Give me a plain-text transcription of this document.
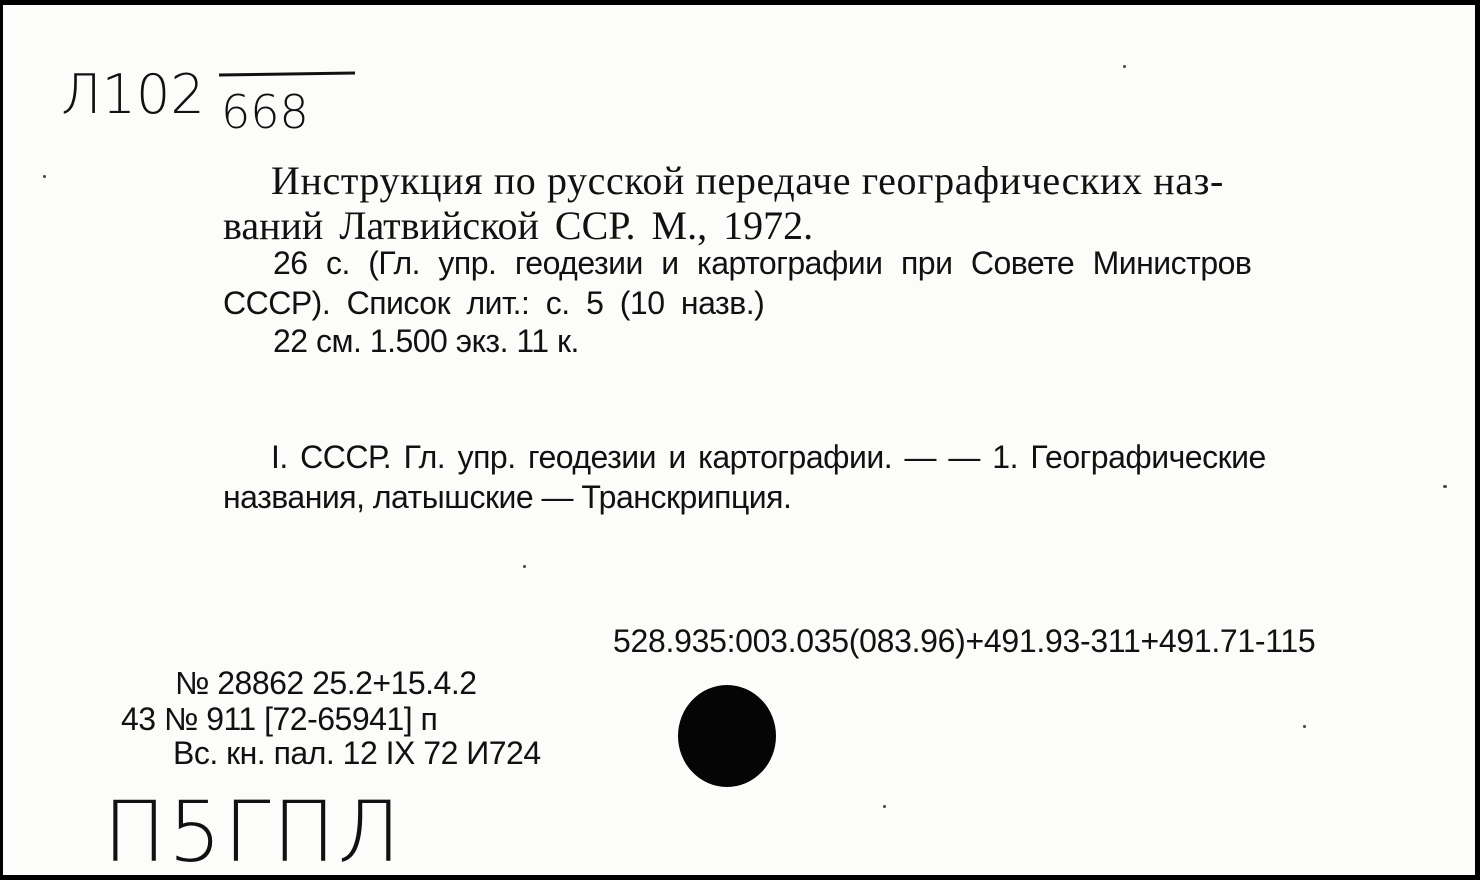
Л102 668
Инструкция по русской передаче географических наз-
ваний Латвийской ССР. М., 1972.
26 с. (Гл. упр. геодезии и картографии при Совете Министров
СССР). Список лит.: с. 5 (10 назв.)
22 см. 1.500 экз. 11 к.
I. СССР. Гл. упр. геодезии и картографии. — — 1. Географические
названия, латышские — Транскрипция.
528.935:003.035(083.96)+491.93-311+491.71-115
№ 28862 25.2+15.4.2
43 № 911 [72-65941] п
Вс. кн. пал. 12 IX 72 И724
П5ГПЛ
